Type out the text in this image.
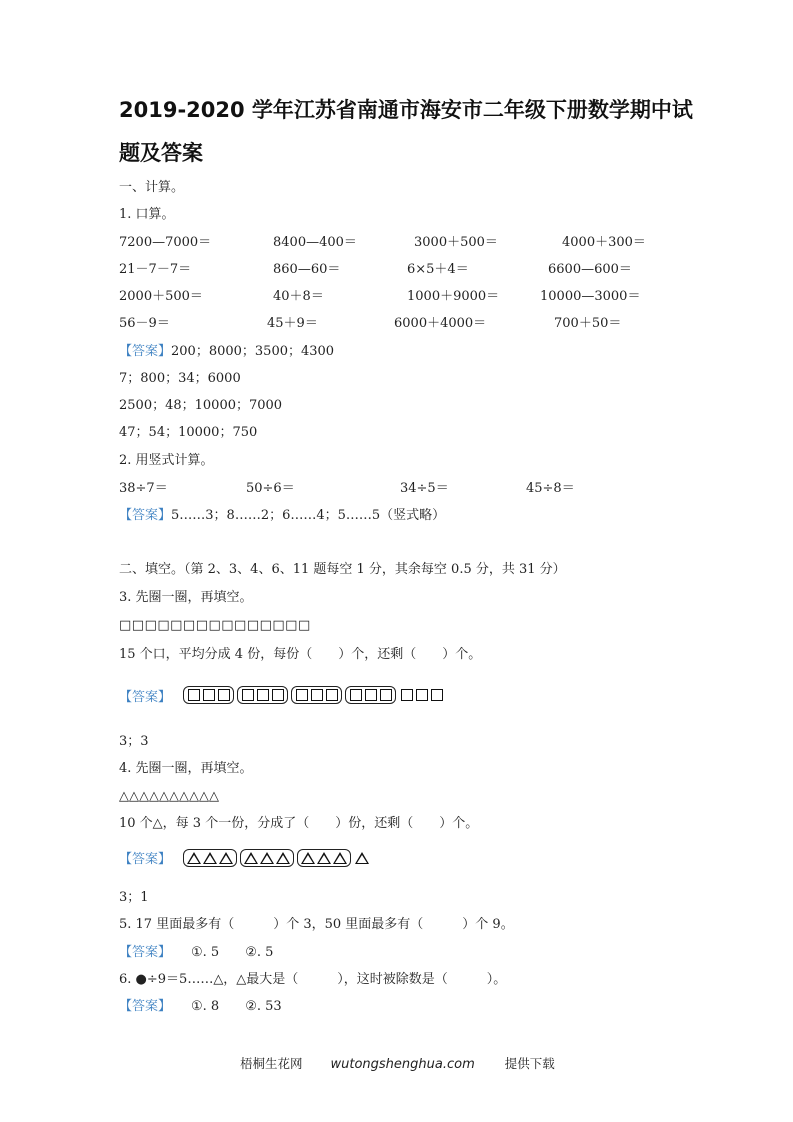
2019-2020 学年江苏省南通市海安市二年级下册数学期中试
题及答案
一、计算。
1. 口算。
7200—7000＝	8400—400＝	3000＋500＝	4000＋300＝
21－7－7＝	860—60＝	6×5＋4＝	6600—600＝
2000＋500＝	40＋8＝	1000＋9000＝	10000—3000＝
56－9＝	45＋9＝	6000＋4000＝	700＋50＝
【答案】200；8000；3500；4300
7；800；34；6000
2500；48；10000；7000
47；54；10000；750
2. 用竖式计算。
38÷7＝	50÷6＝	34÷5＝	45÷8＝
【答案】5……3；8……2；6……4；5……5（竖式略）
二、填空。（第 2、3、4、6、11 题每空 1 分，其余每空 0.5 分，共 31 分）
3. 先圈一圈，再填空。
□□□□□□□□□□□□□□□
15 个口，平均分成 4 份，每份（　　）个，还剩（　　）个。
【答案】
3；3
4. 先圈一圈，再填空。
△△△△△△△△△△
10 个△，每 3 个一份，分成了（　　）份，还剩（　　）个。
【答案】
3；1
5. 17 里面最多有（　　　）个 3，50 里面最多有（　　　）个 9。
【答案】 ①. 5　　②. 5
6. ●÷9＝5……△，△最大是（　　　），这时被除数是（　　　）。
【答案】 ①. 8　　②. 53
梧桐生花网 wutongshenghua.com 提供下载
